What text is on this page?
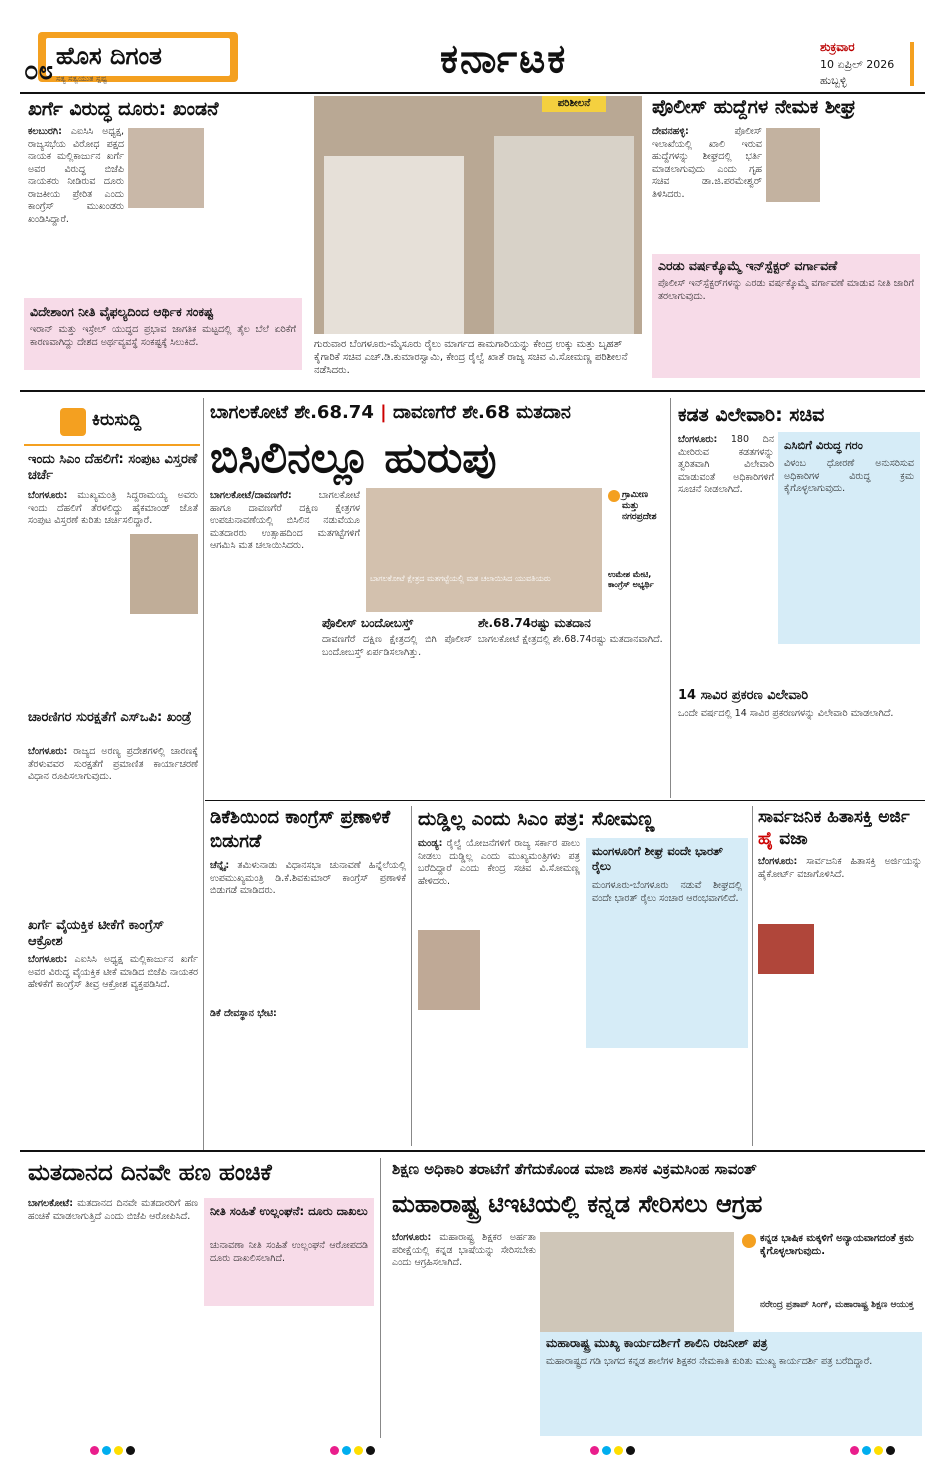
ಹೊಸ ದಿಗಂತ
ಸತ್ಯ ಸತ್ವಯುತ ಸ್ಪಷ್ಟ
೦೮	ಕರ್ನಾಟಕ	ಶುಕ್ರವಾರ
10 ಏಪ್ರಿಲ್ 2026
ಹುಬ್ಬಳ್ಳಿ
ಖರ್ಗೆ ವಿರುದ್ಧ ದೂರು: ಖಂಡನೆ
ಕಲಬುರಗಿ: ಎಐಸಿಸಿ ಅಧ್ಯಕ್ಷ, ರಾಜ್ಯಸಭೆಯ ವಿರೋಧ ಪಕ್ಷದ ನಾಯಕ ಮಲ್ಲಿಕಾರ್ಜುನ ಖರ್ಗೆ ಅವರ ವಿರುದ್ಧ ಬಿಜೆಪಿ ನಾಯಕರು ನೀಡಿರುವ ದೂರು ರಾಜಕೀಯ ಪ್ರೇರಿತ ಎಂದು ಕಾಂಗ್ರೆಸ್ ಮುಖಂಡರು ಖಂಡಿಸಿದ್ದಾರೆ.
ವಿದೇಶಾಂಗ ನೀತಿ ವೈಫಲ್ಯದಿಂದ ಆರ್ಥಿಕ ಸಂಕಷ್ಟ
ಇರಾನ್ ಮತ್ತು ಇಸ್ರೇಲ್ ಯುದ್ಧದ ಪ್ರಭಾವ ಜಾಗತಿಕ ಮಟ್ಟದಲ್ಲಿ ತೈಲ ಬೆಲೆ ಏರಿಕೆಗೆ ಕಾರಣವಾಗಿದ್ದು ದೇಶದ ಅರ್ಥವ್ಯವಸ್ಥೆ ಸಂಕಷ್ಟಕ್ಕೆ ಸಿಲುಕಿದೆ.
ಪರಿಶೀಲನೆ
ಗುರುವಾರ ಬೆಂಗಳೂರು-ಮೈಸೂರು ರೈಲು ಮಾರ್ಗದ ಕಾಮಗಾರಿಯನ್ನು ಕೇಂದ್ರ ಉಕ್ಕು ಮತ್ತು ಬೃಹತ್ ಕೈಗಾರಿಕೆ ಸಚಿವ ಎಚ್.ಡಿ.ಕುಮಾರಸ್ವಾಮಿ, ಕೇಂದ್ರ ರೈಲ್ವೆ ಖಾತೆ ರಾಜ್ಯ ಸಚಿವ ವಿ.ಸೋಮಣ್ಣ ಪರಿಶೀಲನೆ ನಡೆಸಿದರು.
ಪೊಲೀಸ್ ಹುದ್ದೆಗಳ ನೇಮಕ ಶೀಘ್ರ
ದೇವನಹಳ್ಳಿ:	ಪೊಲೀಸ್ ಇಲಾಖೆಯಲ್ಲಿ ಖಾಲಿ ಇರುವ ಹುದ್ದೆಗಳನ್ನು ಶೀಘ್ರದಲ್ಲಿ ಭರ್ತಿ ಮಾಡಲಾಗುವುದು ಎಂದು ಗೃಹ ಸಚಿವ ಡಾ.ಜಿ.ಪರಮೇಶ್ವರ್ ತಿಳಿಸಿದರು.
ಎರಡು ವರ್ಷಕ್ಕೊಮ್ಮೆ ಇನ್‌ಸ್ಪೆಕ್ಟರ್ ವರ್ಗಾವಣೆ
ಪೊಲೀಸ್ ಇನ್‌ಸ್ಪೆಕ್ಟರ್‌ಗಳನ್ನು ಎರಡು ವರ್ಷಕ್ಕೊಮ್ಮೆ ವರ್ಗಾವಣೆ ಮಾಡುವ ನೀತಿ ಜಾರಿಗೆ ತರಲಾಗುವುದು.
ಕಿರುಸುದ್ದಿ
ಇಂದು ಸಿಎಂ ದೆಹಲಿಗೆ: ಸಂಪುಟ ವಿಸ್ತರಣೆ ಚರ್ಚೆ
ಬೆಂಗಳೂರು: ಮುಖ್ಯಮಂತ್ರಿ ಸಿದ್ದರಾಮಯ್ಯ ಅವರು ಇಂದು ದೆಹಲಿಗೆ ತೆರಳಲಿದ್ದು ಹೈಕಮಾಂಡ್ ಜೊತೆ ಸಂಪುಟ ವಿಸ್ತರಣೆ ಕುರಿತು ಚರ್ಚಿಸಲಿದ್ದಾರೆ.
ಚಾರಣಿಗರ ಸುರಕ್ಷತೆಗೆ ಎಸ್‌ಒಪಿ: ಖಂಡ್ರೆ
ಬೆಂಗಳೂರು: ರಾಜ್ಯದ ಅರಣ್ಯ ಪ್ರದೇಶಗಳಲ್ಲಿ ಚಾರಣಕ್ಕೆ ತೆರಳುವವರ ಸುರಕ್ಷತೆಗೆ ಪ್ರಮಾಣಿತ ಕಾರ್ಯಾಚರಣೆ ವಿಧಾನ ರೂಪಿಸಲಾಗುವುದು.
ಖರ್ಗೆ ವೈಯಕ್ತಿಕ ಟೀಕೆಗೆ ಕಾಂಗ್ರೆಸ್ ಆಕ್ರೋಶ
ಬೆಂಗಳೂರು: ಎಐಸಿಸಿ ಅಧ್ಯಕ್ಷ ಮಲ್ಲಿಕಾರ್ಜುನ ಖರ್ಗೆ ಅವರ ವಿರುದ್ಧ ವೈಯಕ್ತಿಕ ಟೀಕೆ ಮಾಡಿದ ಬಿಜೆಪಿ ನಾಯಕರ ಹೇಳಿಕೆಗೆ ಕಾಂಗ್ರೆಸ್ ತೀವ್ರ ಆಕ್ರೋಶ ವ್ಯಕ್ತಪಡಿಸಿದೆ.
ಬಾಗಲಕೋಟೆ ಶೇ.68.74 | ದಾವಣಗೆರೆ ಶೇ.68 ಮತದಾನ
ಬಿಸಿಲಿನಲ್ಲೂ ಹುರುಪು
ಬಾಗಲಕೋಟೆ/ದಾವಣಗೆರೆ:	ಬಾಗಲಕೋಟೆ ಹಾಗೂ ದಾವಣಗೆರೆ ದಕ್ಷಿಣ ಕ್ಷೇತ್ರಗಳ ಉಪಚುನಾವಣೆಯಲ್ಲಿ ಬಿಸಿಲಿನ ನಡುವೆಯೂ ಮತದಾರರು ಉತ್ಸಾಹದಿಂದ ಮತಗಟ್ಟೆಗಳಿಗೆ ಆಗಮಿಸಿ ಮತ ಚಲಾಯಿಸಿದರು.
ಬಾಗಲಕೋಟೆ ಕ್ಷೇತ್ರದ ಮತಗಟ್ಟೆಯಲ್ಲಿ ಮತ ಚಲಾಯಿಸಿದ ಯುವತಿಯರು
ಗ್ರಾಮೀಣ ಮತ್ತು ನಗರಪ್ರದೇಶ
ಉಮೇಶ ಮೇಟಿ, ಕಾಂಗ್ರೆಸ್ ಅಭ್ಯರ್ಥಿ
ಪೊಲೀಸ್ ಬಂದೋಬಸ್ತ್
ದಾವಣಗೆರೆ ದಕ್ಷಿಣ ಕ್ಷೇತ್ರದಲ್ಲಿ ಬಿಗಿ ಪೊಲೀಸ್ ಬಂದೋಬಸ್ತ್ ಏರ್ಪಡಿಸಲಾಗಿತ್ತು.
ಶೇ.68.74ರಷ್ಟು ಮತದಾನ
ಬಾಗಲಕೋಟೆ ಕ್ಷೇತ್ರದಲ್ಲಿ ಶೇ.68.74ರಷ್ಟು ಮತದಾನವಾಗಿದೆ.
ಕಡತ ವಿಲೇವಾರಿ: ಸಚಿವ
ಬೆಂಗಳೂರು: 180 ದಿನ ಮೀರಿರುವ ಕಡತಗಳನ್ನು ತ್ವರಿತವಾಗಿ ವಿಲೇವಾರಿ ಮಾಡುವಂತೆ ಅಧಿಕಾರಿಗಳಿಗೆ ಸೂಚನೆ ನೀಡಲಾಗಿದೆ.
ಎಸಿಬಿಗೆ ವಿರುದ್ಧ ಗರಂ
ವಿಳಂಬ ಧೋರಣೆ ಅನುಸರಿಸುವ ಅಧಿಕಾರಿಗಳ ವಿರುದ್ಧ ಕ್ರಮ ಕೈಗೊಳ್ಳಲಾಗುವುದು.
14 ಸಾವಿರ ಪ್ರಕರಣ ವಿಲೇವಾರಿ
ಒಂದೇ ವರ್ಷದಲ್ಲಿ 14 ಸಾವಿರ ಪ್ರಕರಣಗಳನ್ನು ವಿಲೇವಾರಿ ಮಾಡಲಾಗಿದೆ.
ಡಿಕೆಶಿಯಿಂದ ಕಾಂಗ್ರೆಸ್ ಪ್ರಣಾಳಿಕೆ ಬಿಡುಗಡೆ
ಚೆನ್ನೈ: ತಮಿಳುನಾಡು ವಿಧಾನಸಭಾ ಚುನಾವಣೆ ಹಿನ್ನೆಲೆಯಲ್ಲಿ ಉಪಮುಖ್ಯಮಂತ್ರಿ ಡಿ.ಕೆ.ಶಿವಕುಮಾರ್ ಕಾಂಗ್ರೆಸ್ ಪ್ರಣಾಳಿಕೆ ಬಿಡುಗಡೆ ಮಾಡಿದರು.
ಡಿಕೆ ದೇವಸ್ಥಾನ ಭೇಟಿ:
ದುಡ್ಡಿಲ್ಲ ಎಂದು ಸಿಎಂ ಪತ್ರ: ಸೋಮಣ್ಣ
ಮಂಡ್ಯ: ರೈಲ್ವೆ ಯೋಜನೆಗಳಿಗೆ ರಾಜ್ಯ ಸರ್ಕಾರ ಪಾಲು ನೀಡಲು ದುಡ್ಡಿಲ್ಲ ಎಂದು ಮುಖ್ಯಮಂತ್ರಿಗಳು ಪತ್ರ ಬರೆದಿದ್ದಾರೆ ಎಂದು ಕೇಂದ್ರ ಸಚಿವ ವಿ.ಸೋಮಣ್ಣ ಹೇಳಿದರು.
ಮಂಗಳೂರಿಗೆ ಶೀಘ್ರ ವಂದೇ ಭಾರತ್ ರೈಲು
ಮಂಗಳೂರು-ಬೆಂಗಳೂರು ನಡುವೆ ಶೀಘ್ರದಲ್ಲಿ ವಂದೇ ಭಾರತ್ ರೈಲು ಸಂಚಾರ ಆರಂಭವಾಗಲಿದೆ.
ಸಾರ್ವಜನಿಕ ಹಿತಾಸಕ್ತಿ ಅರ್ಜಿ ಹೈ ವಜಾ
ಬೆಂಗಳೂರು: ಸಾರ್ವಜನಿಕ ಹಿತಾಸಕ್ತಿ ಅರ್ಜಿಯನ್ನು ಹೈಕೋರ್ಟ್ ವಜಾಗೊಳಿಸಿದೆ.
ಮತದಾನದ ದಿನವೇ ಹಣ ಹಂಚಿಕೆ
ಬಾಗಲಕೋಟೆ: ಮತದಾನದ ದಿನವೇ ಮತದಾರರಿಗೆ ಹಣ ಹಂಚಿಕೆ ಮಾಡಲಾಗುತ್ತಿದೆ ಎಂದು ಬಿಜೆಪಿ ಆರೋಪಿಸಿದೆ.	ನೀತಿ ಸಂಹಿತೆ ಉಲ್ಲಂಘನೆ: ದೂರು ದಾಖಲು
ಚುನಾವಣಾ ನೀತಿ ಸಂಹಿತೆ ಉಲ್ಲಂಘನೆ ಆರೋಪದಡಿ ದೂರು ದಾಖಲಿಸಲಾಗಿದೆ.
ಶಿಕ್ಷಣ ಅಧಿಕಾರಿ ತರಾಟೆಗೆ ತೆಗೆದುಕೊಂಡ ಮಾಜಿ ಶಾಸಕ ವಿಕ್ರಮಸಿಂಹ ಸಾವಂತ್
ಮಹಾರಾಷ್ಟ್ರ ಟಿಇಟಿಯಲ್ಲಿ ಕನ್ನಡ ಸೇರಿಸಲು ಆಗ್ರಹ
ಬೆಂಗಳೂರು: ಮಹಾರಾಷ್ಟ್ರ ಶಿಕ್ಷಕರ ಅರ್ಹತಾ ಪರೀಕ್ಷೆಯಲ್ಲಿ ಕನ್ನಡ ಭಾಷೆಯನ್ನು ಸೇರಿಸಬೇಕು ಎಂದು ಆಗ್ರಹಿಸಲಾಗಿದೆ.
ಕನ್ನಡ ಭಾಷಿಕ ಮಕ್ಕಳಿಗೆ ಅನ್ಯಾಯವಾಗದಂತೆ ಕ್ರಮ ಕೈಗೊಳ್ಳಲಾಗುವುದು.
ನರೇಂದ್ರ ಪ್ರತಾಪ್ ಸಿಂಗ್, ಮಹಾರಾಷ್ಟ್ರ ಶಿಕ್ಷಣ ಆಯುಕ್ತ
ಮಹಾರಾಷ್ಟ್ರ ಮುಖ್ಯ ಕಾರ್ಯದರ್ಶಿಗೆ ಶಾಲಿನಿ ರಜನೀಶ್ ಪತ್ರ
ಮಹಾರಾಷ್ಟ್ರದ ಗಡಿ ಭಾಗದ ಕನ್ನಡ ಶಾಲೆಗಳ ಶಿಕ್ಷಕರ ನೇಮಕಾತಿ ಕುರಿತು ಮುಖ್ಯ ಕಾರ್ಯದರ್ಶಿ ಪತ್ರ ಬರೆದಿದ್ದಾರೆ.
